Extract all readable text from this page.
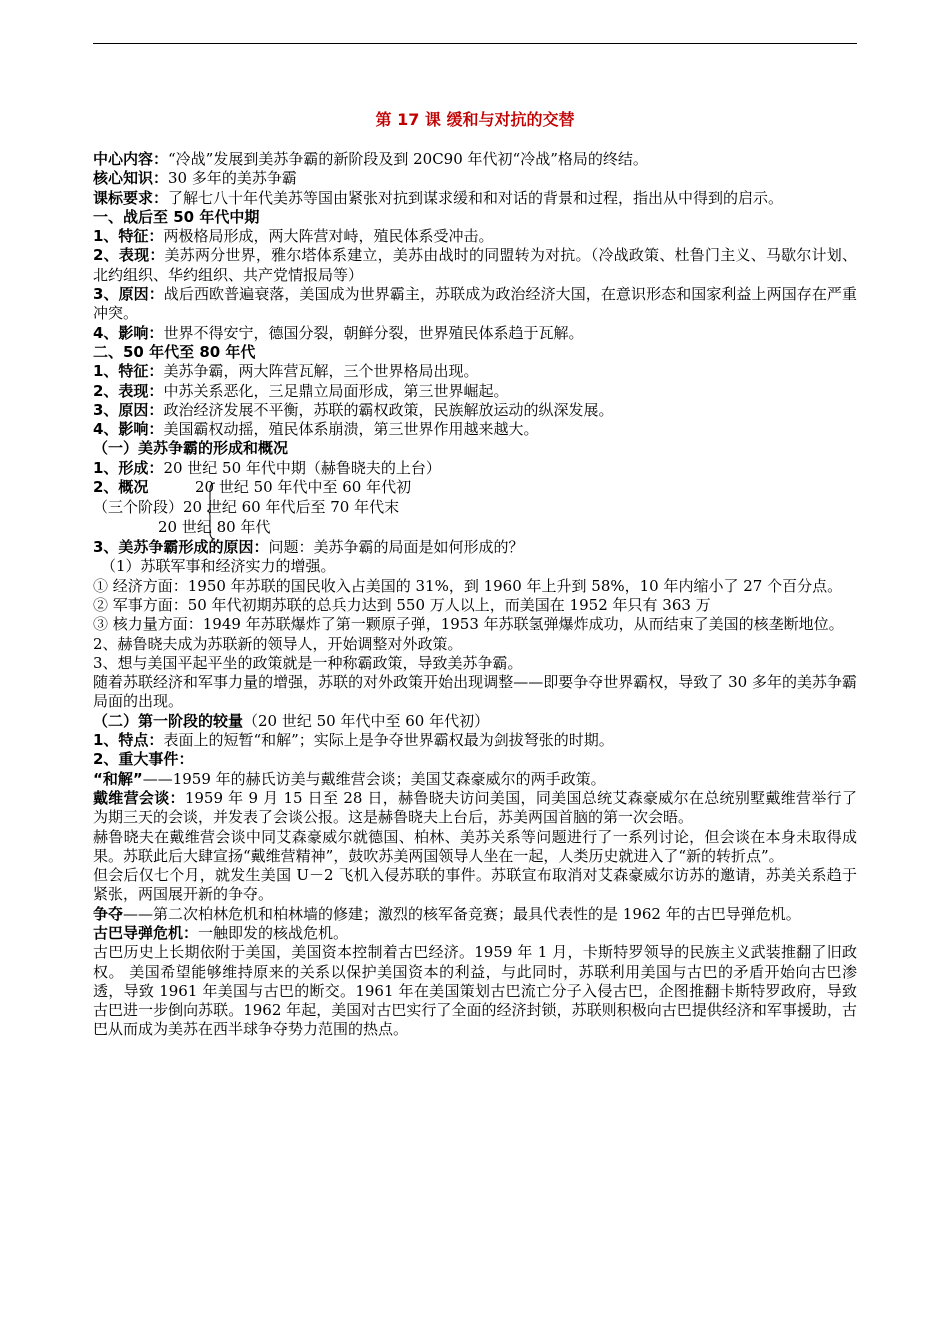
第 17 课 缓和与对抗的交替

中心内容：“冷战”发展到美苏争霸的新阶段及到 20C90 年代初“冷战”格局的终结。

核心知识：30 多年的美苏争霸

课标要求：了解七八十年代美苏等国由紧张对抗到谋求缓和和对话的背景和过程，指出从中得到的启示。

一、战后至 50 年代中期

1、特征：两极格局形成，两大阵营对峙，殖民体系受冲击。

2、表现：美苏两分世界，雅尔塔体系建立，美苏由战时的同盟转为对抗。（冷战政策、杜鲁门主义、马歇尔计划、北约组织、华约组织、共产党情报局等）

3、原因：战后西欧普遍衰落，美国成为世界霸主，苏联成为政治经济大国，在意识形态和国家利益上两国存在严重冲突。

4、影响：世界不得安宁，德国分裂，朝鲜分裂，世界殖民体系趋于瓦解。

二、50 年代至 80 年代

1、特征：美苏争霸，两大阵营瓦解，三个世界格局出现。

2、表现：中苏关系恶化，三足鼎立局面形成，第三世界崛起。

3、原因：政治经济发展不平衡，苏联的霸权政策，民族解放运动的纵深发展。

4、影响：美国霸权动摇，殖民体系崩溃，第三世界作用越来越大。

（一）美苏争霸的形成和概况

1、形成：20 世纪 50 年代中期（赫鲁晓夫的上台）

2、概况	20 世纪 50 年代中至 60 年代初
（三个阶段）20 世纪 60 年代后至 70 年代末
20 世纪 80 年代

3、美苏争霸形成的原因：问题：美苏争霸的局面是如何形成的？

（1）苏联军事和经济实力的增强。

① 经济方面：1950 年苏联的国民收入占美国的 31%，到 1960 年上升到 58%，10 年内缩小了 27 个百分点。

② 军事方面：50 年代初期苏联的总兵力达到 550 万人以上，而美国在 1952 年只有 363 万

③ 核力量方面：1949 年苏联爆炸了第一颗原子弹，1953 年苏联氢弹爆炸成功，从而结束了美国的核垄断地位。

2、赫鲁晓夫成为苏联新的领导人，开始调整对外政策。

3、想与美国平起平坐的政策就是一种称霸政策，导致美苏争霸。

随着苏联经济和军事力量的增强，苏联的对外政策开始出现调整——即要争夺世界霸权，导致了 30 多年的美苏争霸局面的出现。

（二）第一阶段的较量（20 世纪 50 年代中至 60 年代初）

1、特点：表面上的短暂“和解”；实际上是争夺世界霸权最为剑拔弩张的时期。

2、重大事件：

“和解”——1959 年的赫氏访美与戴维营会谈；美国艾森豪威尔的两手政策。

戴维营会谈：1959 年 9 月 15 日至 28 日，赫鲁晓夫访问美国，同美国总统艾森豪威尔在总统别墅戴维营举行了为期三天的会谈，并发表了会谈公报。这是赫鲁晓夫上台后，苏美两国首脑的第一次会晤。

赫鲁晓夫在戴维营会谈中同艾森豪威尔就德国、柏林、美苏关系等问题进行了一系列讨论，但会谈在本身未取得成果。苏联此后大肆宣扬“戴维营精神”，鼓吹苏美两国领导人坐在一起，人类历史就进入了“新的转折点”。

但会后仅七个月，就发生美国 U－2 飞机入侵苏联的事件。苏联宣布取消对艾森豪威尔访苏的邀请，苏美关系趋于紧张，两国展开新的争夺。

争夺——第二次柏林危机和柏林墙的修建；激烈的核军备竞赛；最具代表性的是 1962 年的古巴导弹危机。

古巴导弹危机：一触即发的核战危机。

古巴历史上长期依附于美国，美国资本控制着古巴经济。1959 年 1 月，卡斯特罗领导的民族主义武装推翻了旧政权。 美国希望能够维持原来的关系以保护美国资本的利益，与此同时，苏联利用美国与古巴的矛盾开始向古巴渗透，导致 1961 年美国与古巴的断交。1961 年在美国策划古巴流亡分子入侵古巴，企图推翻卡斯特罗政府，导致古巴进一步倒向苏联。1962 年起，美国对古巴实行了全面的经济封锁，苏联则积极向古巴提供经济和军事援助，古巴从而成为美苏在西半球争夺势力范围的热点。
